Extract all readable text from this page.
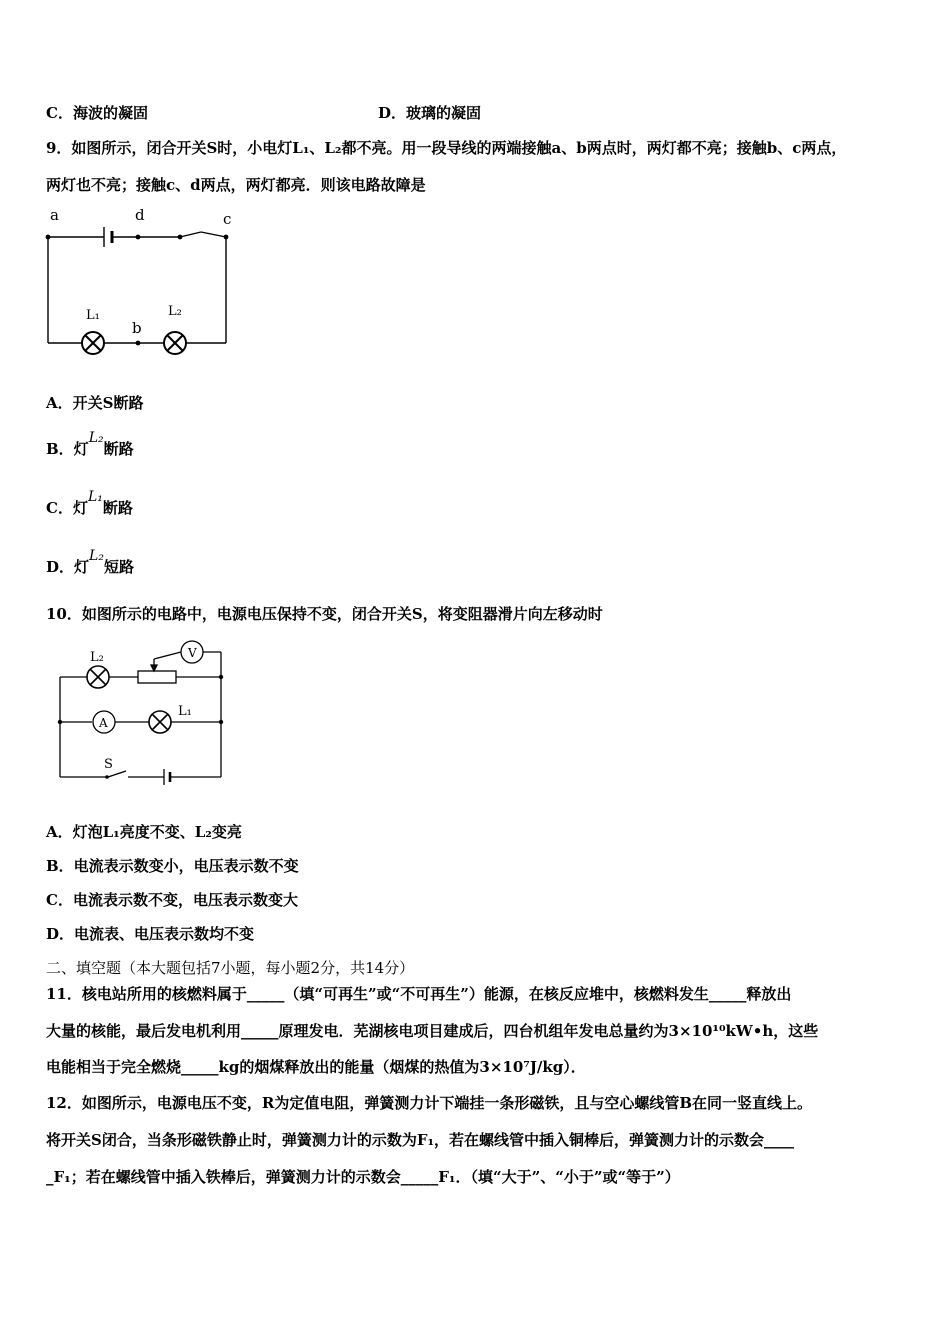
C．海波的凝固	D．玻璃的凝固
9．如图所示，闭合开关S时，小电灯L₁、L₂都不亮。用一段导线的两端接触a、b两点时，两灯都不亮；接触b、c两点，
两灯也不亮；接触c、d两点，两灯都亮．则该电路故障是
a	d	c
b
L₁	L₂
A．开关S断路
B．灯L₂断路
C．灯L₁断路
D．灯L₂短路
10．如图所示的电路中，电源电压保持不变，闭合开关S，将变阻器滑片向左移动时
L₂	V
A
L₁
S
A．灯泡L₁亮度不变、L₂变亮
B．电流表示数变小，电压表示数不变
C．电流表示数不变，电压表示数变大
D．电流表、电压表示数均不变
二、填空题（本大题包括7小题，每小题2分，共14分）
11．核电站所用的核燃料属于_____（填“可再生”或“不可再生”）能源，在核反应堆中，核燃料发生_____释放出
大量的核能，最后发电机利用_____原理发电．芜湖核电项目建成后，四台机组年发电总量约为3×10¹⁰kW•h，这些
电能相当于完全燃烧_____kg的烟煤释放出的能量（烟煤的热值为3×10⁷J/kg）．
12．如图所示，电源电压不变，R为定值电阻，弹簧测力计下端挂一条形磁铁，且与空心螺线管B在同一竖直线上。
将开关S闭合，当条形磁铁静止时，弹簧测力计的示数为F₁，若在螺线管中插入铜棒后，弹簧测力计的示数会____
_F₁；若在螺线管中插入铁棒后，弹簧测力计的示数会_____F₁．（填“大于”、“小于”或“等于”）
